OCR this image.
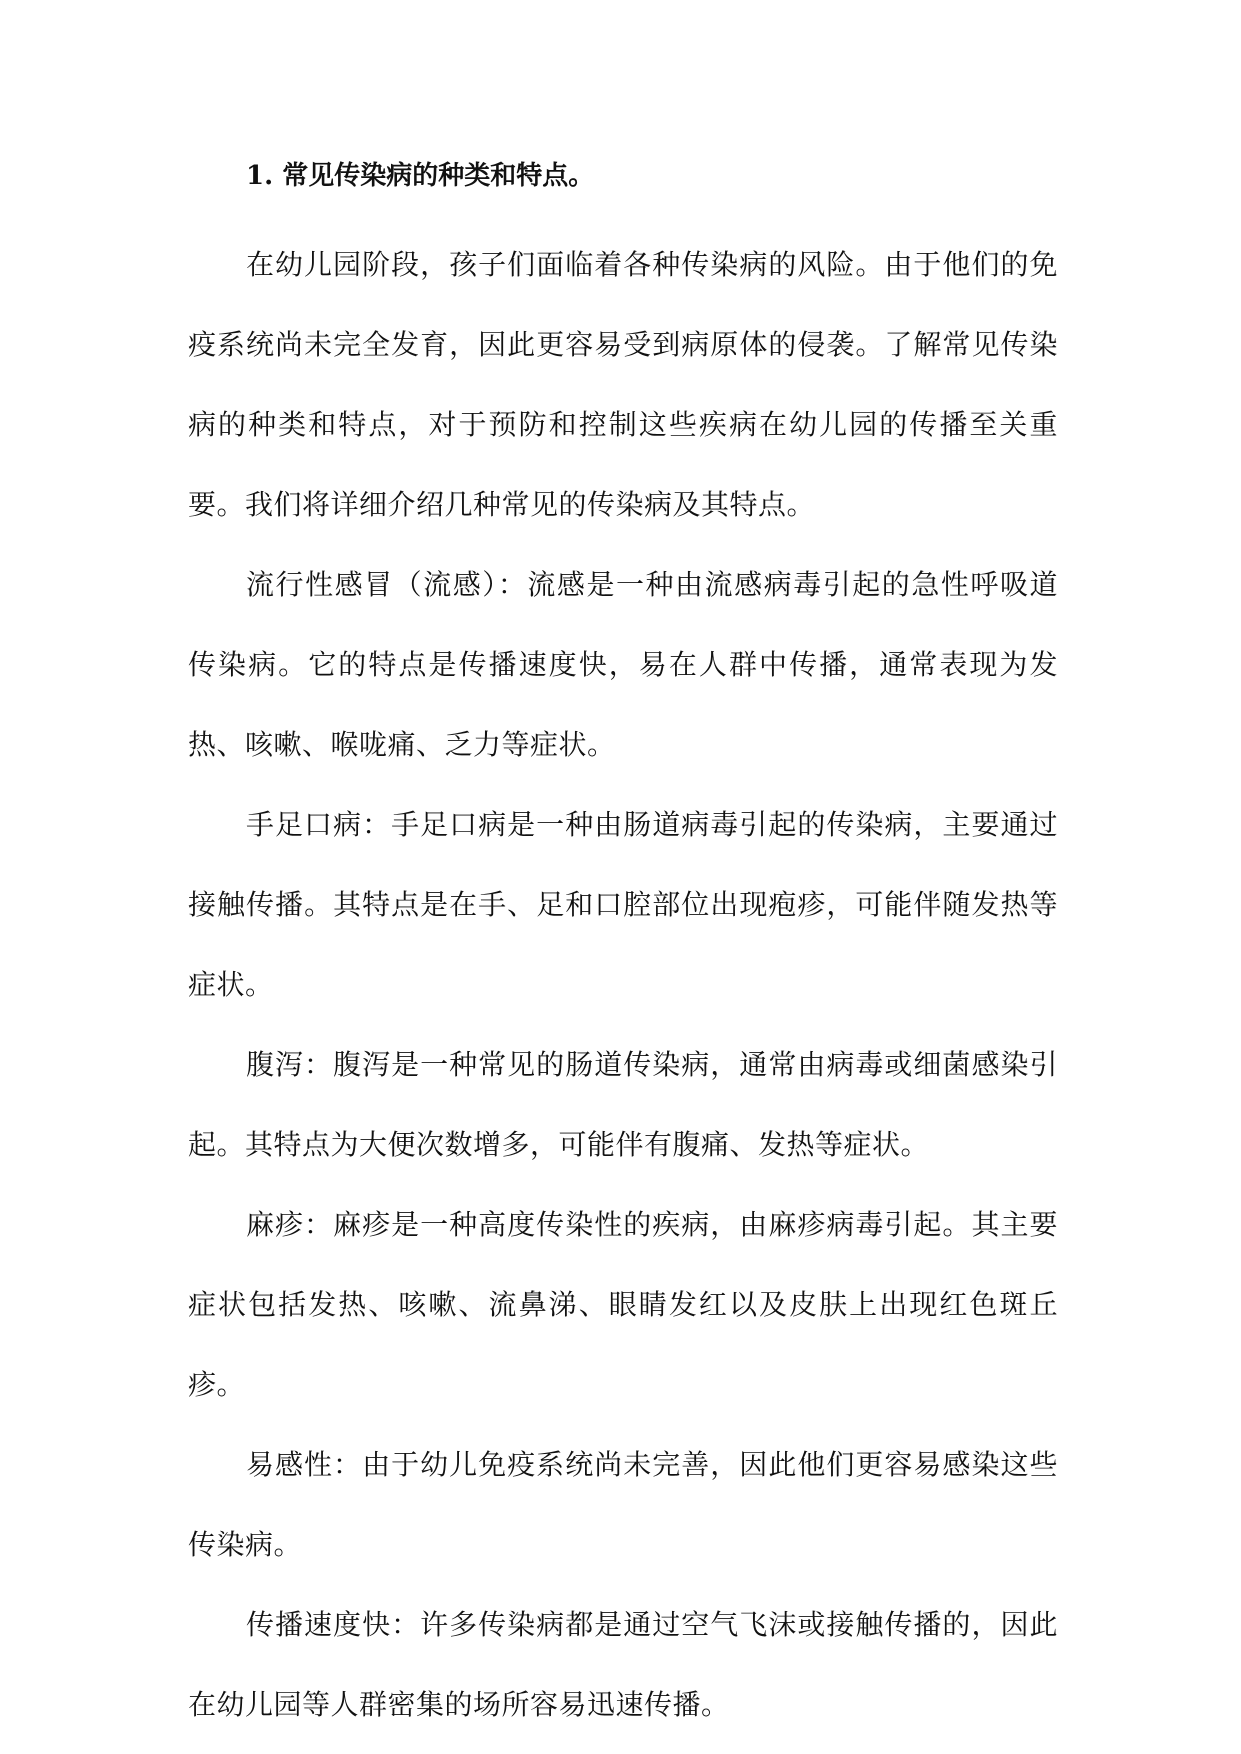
1. 常见传染病的种类和特点。

在幼儿园阶段，孩子们面临着各种传染病的风险。由于他们的免疫系统尚未完全发育，因此更容易受到病原体的侵袭。了解常见传染病的种类和特点，对于预防和控制这些疾病在幼儿园的传播至关重要。我们将详细介绍几种常见的传染病及其特点。

流行性感冒（流感）：流感是一种由流感病毒引起的急性呼吸道传染病。它的特点是传播速度快，易在人群中传播，通常表现为发热、咳嗽、喉咙痛、乏力等症状。

手足口病：手足口病是一种由肠道病毒引起的传染病，主要通过接触传播。其特点是在手、足和口腔部位出现疱疹，可能伴随发热等症状。

腹泻：腹泻是一种常见的肠道传染病，通常由病毒或细菌感染引起。其特点为大便次数增多，可能伴有腹痛、发热等症状。

麻疹：麻疹是一种高度传染性的疾病，由麻疹病毒引起。其主要症状包括发热、咳嗽、流鼻涕、眼睛发红以及皮肤上出现红色斑丘疹。

易感性：由于幼儿免疫系统尚未完善，因此他们更容易感染这些传染病。

传播速度快：许多传染病都是通过空气飞沫或接触传播的，因此在幼儿园等人群密集的场所容易迅速传播。
